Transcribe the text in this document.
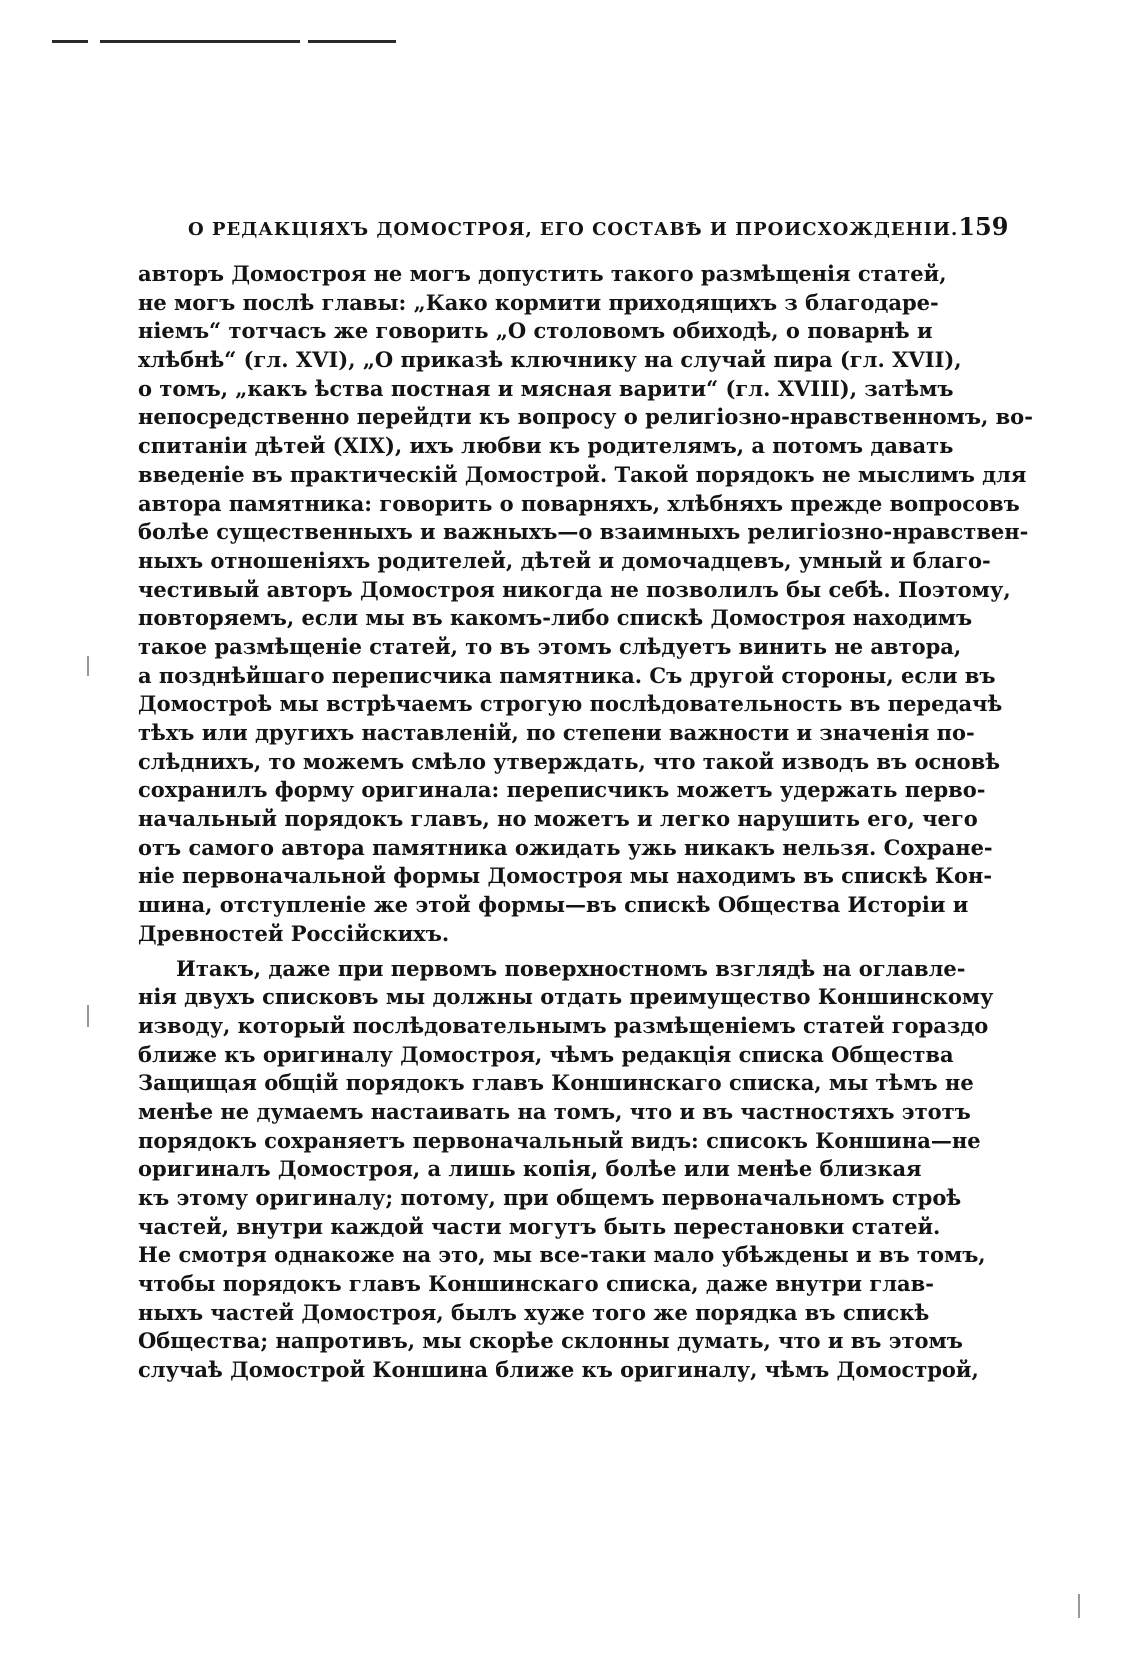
О РЕДАКЦІЯХЪ ДОМОСТРОЯ, ЕГО СОСТАВѢ И ПРОИСХОЖДЕНІИ. 159
авторъ Домостроя не могъ допустить такого размѣщенія статей,
не могъ послѣ главы: „Како кормити приходящихъ з благодаре-
ніемъ“ тотчасъ же говорить „О столовомъ обиходѣ, о поварнѣ и
хлѣбнѣ“ (гл. XVI), „О приказѣ ключнику на случай пира (гл. XVII),
о томъ, „какъ ѣства постная и мясная варити“ (гл. XVIII), затѣмъ
непосредственно перейдти къ вопросу о религіозно-нравственномъ, во-
спитаніи дѣтей (XIX), ихъ любви къ родителямъ, а потомъ давать
введеніе въ практическій Домострой. Такой порядокъ не мыслимъ для
автора памятника: говорить о поварняхъ, хлѣбняхъ прежде вопросовъ
болѣе существенныхъ и важныхъ—о взаимныхъ религіозно-нравствен-
ныхъ отношеніяхъ родителей, дѣтей и домочадцевъ, умный и благо-
честивый авторъ Домостроя никогда не позволилъ бы себѣ. Поэтому,
повторяемъ, если мы въ какомъ-либо спискѣ Домостроя находимъ
такое размѣщеніе статей, то въ этомъ слѣдуетъ винить не автора,
а позднѣйшаго переписчика памятника. Съ другой стороны, если въ
Домостроѣ мы встрѣчаемъ строгую послѣдовательность въ передачѣ
тѣхъ или другихъ наставленій, по степени важности и значенія по-
слѣднихъ, то можемъ смѣло утверждать, что такой изводъ въ основѣ
сохранилъ форму оригинала: переписчикъ можетъ удержать перво-
начальный порядокъ главъ, но можетъ и легко нарушить его, чего
отъ самого автора памятника ожидать ужь никакъ нельзя. Сохране-
ніе первоначальной формы Домостроя мы находимъ въ спискѣ Кон-
шина, отступленіе же этой формы—въ спискѣ Общества Исторіи и
Древностей Россійскихъ.
Итакъ, даже при первомъ поверхностномъ взглядѣ на оглавле-
нія двухъ списковъ мы должны отдать преимущество Коншинскому
изводу, который послѣдовательнымъ размѣщеніемъ статей гораздо
ближе къ оригиналу Домостроя, чѣмъ редакція списка Общества
Защищая общій порядокъ главъ Коншинскаго списка, мы тѣмъ не
менѣе не думаемъ настаивать на томъ, что и въ частностяхъ этотъ
порядокъ сохраняетъ первоначальный видъ: списокъ Коншина—не
оригиналъ Домостроя, а лишь копія, болѣе или менѣе близкая
къ этому оригиналу; потому, при общемъ первоначальномъ строѣ
частей, внутри каждой части могутъ быть перестановки статей.
Не смотря однакоже на это, мы все-таки мало убѣждены и въ томъ,
чтобы порядокъ главъ Коншинскаго списка, даже внутри глав-
ныхъ частей Домостроя, былъ хуже того же порядка въ спискѣ
Общества; напротивъ, мы скорѣе склонны думать, что и въ этомъ
случаѣ Домострой Коншина ближе къ оригиналу, чѣмъ Домострой,
